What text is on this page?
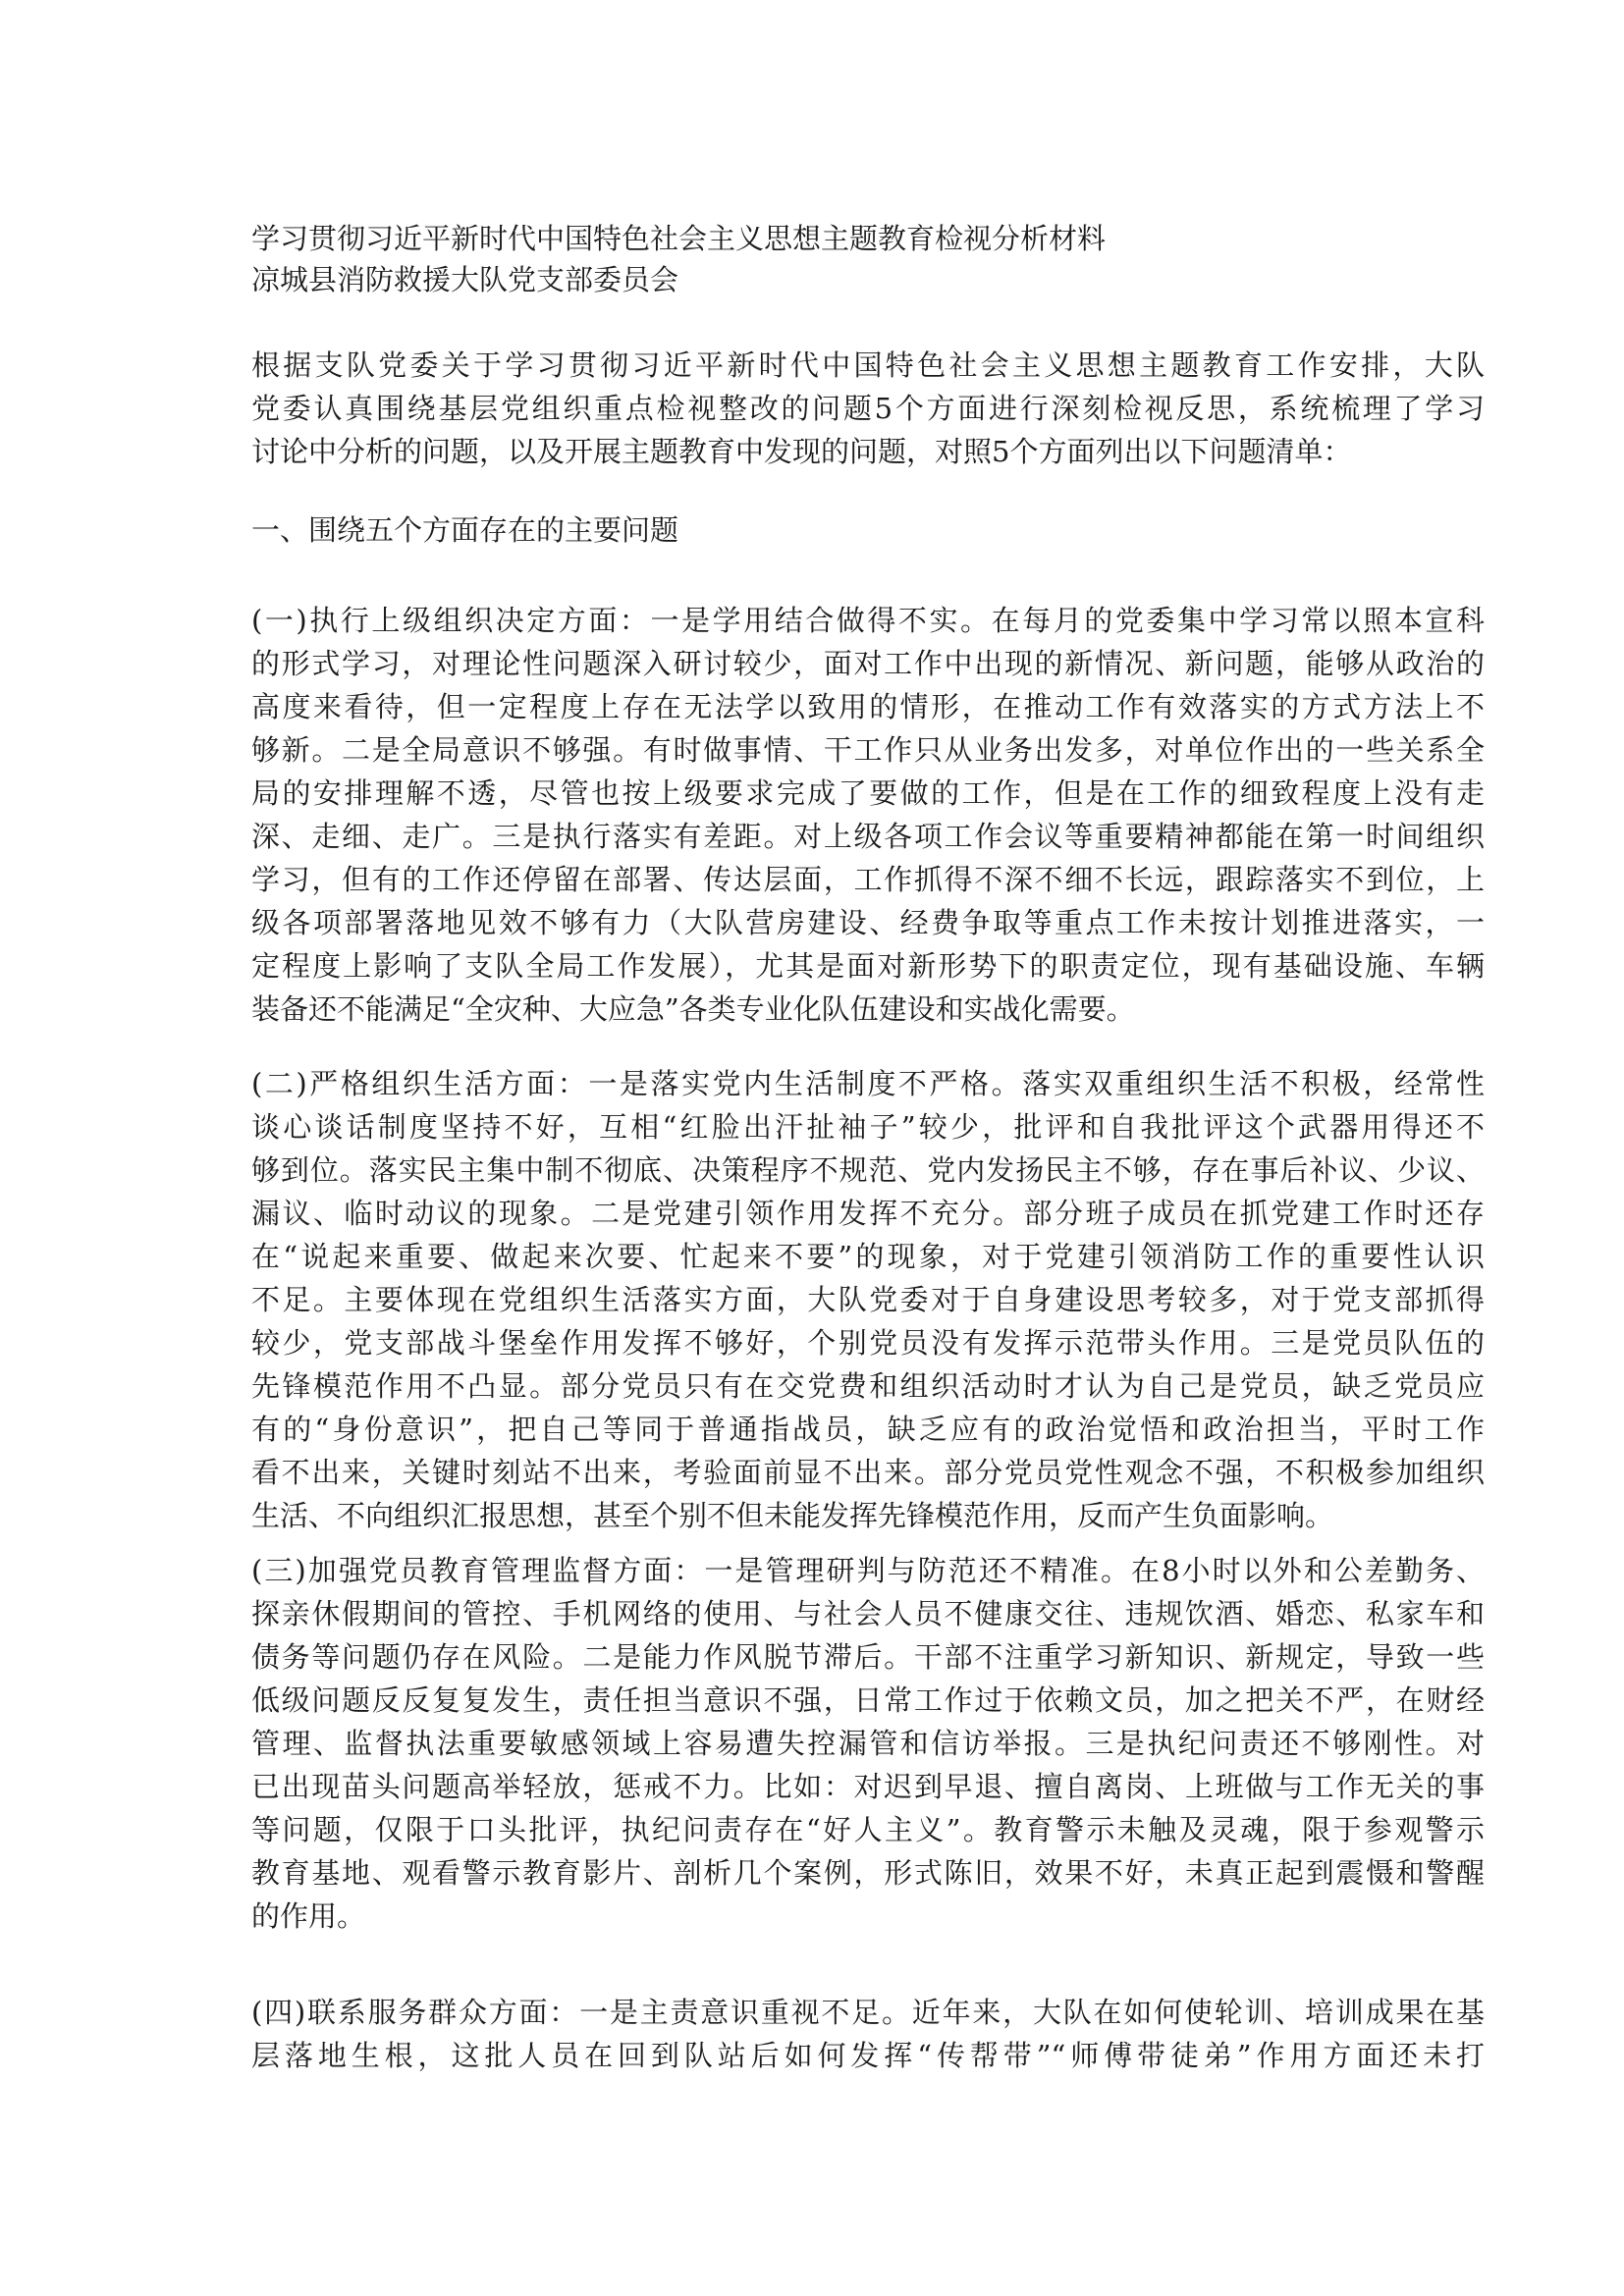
学习贯彻习近平新时代中国特色社会主义思想主题教育检视分析材料
凉城县消防救援大队党支部委员会
根据支队党委关于学习贯彻习近平新时代中国特色社会主义思想主题教育工作安排，大队
党委认真围绕基层党组织重点检视整改的问题5个方面进行深刻检视反思，系统梳理了学习
讨论中分析的问题，以及开展主题教育中发现的问题，对照5个方面列出以下问题清单：
一、围绕五个方面存在的主要问题
(一)执行上级组织决定方面：一是学用结合做得不实。在每月的党委集中学习常以照本宣科
的形式学习，对理论性问题深入研讨较少，面对工作中出现的新情况、新问题，能够从政治的
高度来看待，但一定程度上存在无法学以致用的情形，在推动工作有效落实的方式方法上不
够新。二是全局意识不够强。有时做事情、干工作只从业务出发多，对单位作出的一些关系全
局的安排理解不透，尽管也按上级要求完成了要做的工作，但是在工作的细致程度上没有走
深、走细、走广。三是执行落实有差距。对上级各项工作会议等重要精神都能在第一时间组织
学习，但有的工作还停留在部署、传达层面，工作抓得不深不细不长远，跟踪落实不到位，上
级各项部署落地见效不够有力（大队营房建设、经费争取等重点工作未按计划推进落实，一
定程度上影响了支队全局工作发展），尤其是面对新形势下的职责定位，现有基础设施、车辆
装备还不能满足“全灾种、大应急”各类专业化队伍建设和实战化需要。
(二)严格组织生活方面：一是落实党内生活制度不严格。落实双重组织生活不积极，经常性
谈心谈话制度坚持不好，互相“红脸出汗扯袖子”较少，批评和自我批评这个武器用得还不
够到位。落实民主集中制不彻底、决策程序不规范、党内发扬民主不够，存在事后补议、少议、
漏议、临时动议的现象。二是党建引领作用发挥不充分。部分班子成员在抓党建工作时还存
在“说起来重要、做起来次要、忙起来不要”的现象，对于党建引领消防工作的重要性认识
不足。主要体现在党组织生活落实方面，大队党委对于自身建设思考较多，对于党支部抓得
较少，党支部战斗堡垒作用发挥不够好，个别党员没有发挥示范带头作用。三是党员队伍的
先锋模范作用不凸显。部分党员只有在交党费和组织活动时才认为自己是党员，缺乏党员应
有的“身份意识”，把自己等同于普通指战员，缺乏应有的政治觉悟和政治担当，平时工作
看不出来，关键时刻站不出来，考验面前显不出来。部分党员党性观念不强，不积极参加组织
生活、不向组织汇报思想，甚至个别不但未能发挥先锋模范作用，反而产生负面影响。
(三)加强党员教育管理监督方面：一是管理研判与防范还不精准。在8小时以外和公差勤务、
探亲休假期间的管控、手机网络的使用、与社会人员不健康交往、违规饮酒、婚恋、私家车和
债务等问题仍存在风险。二是能力作风脱节滞后。干部不注重学习新知识、新规定，导致一些
低级问题反反复复发生，责任担当意识不强，日常工作过于依赖文员，加之把关不严，在财经
管理、监督执法重要敏感领域上容易遭失控漏管和信访举报。三是执纪问责还不够刚性。对
已出现苗头问题高举轻放，惩戒不力。比如：对迟到早退、擅自离岗、上班做与工作无关的事
等问题，仅限于口头批评，执纪问责存在“好人主义”。教育警示未触及灵魂，限于参观警示
教育基地、观看警示教育影片、剖析几个案例，形式陈旧，效果不好，未真正起到震慑和警醒
的作用。
(四)联系服务群众方面：一是主责意识重视不足。近年来，大队在如何使轮训、培训成果在基
层落地生根，这批人员在回到队站后如何发挥“传帮带”“师傅带徒弟”作用方面还未打
